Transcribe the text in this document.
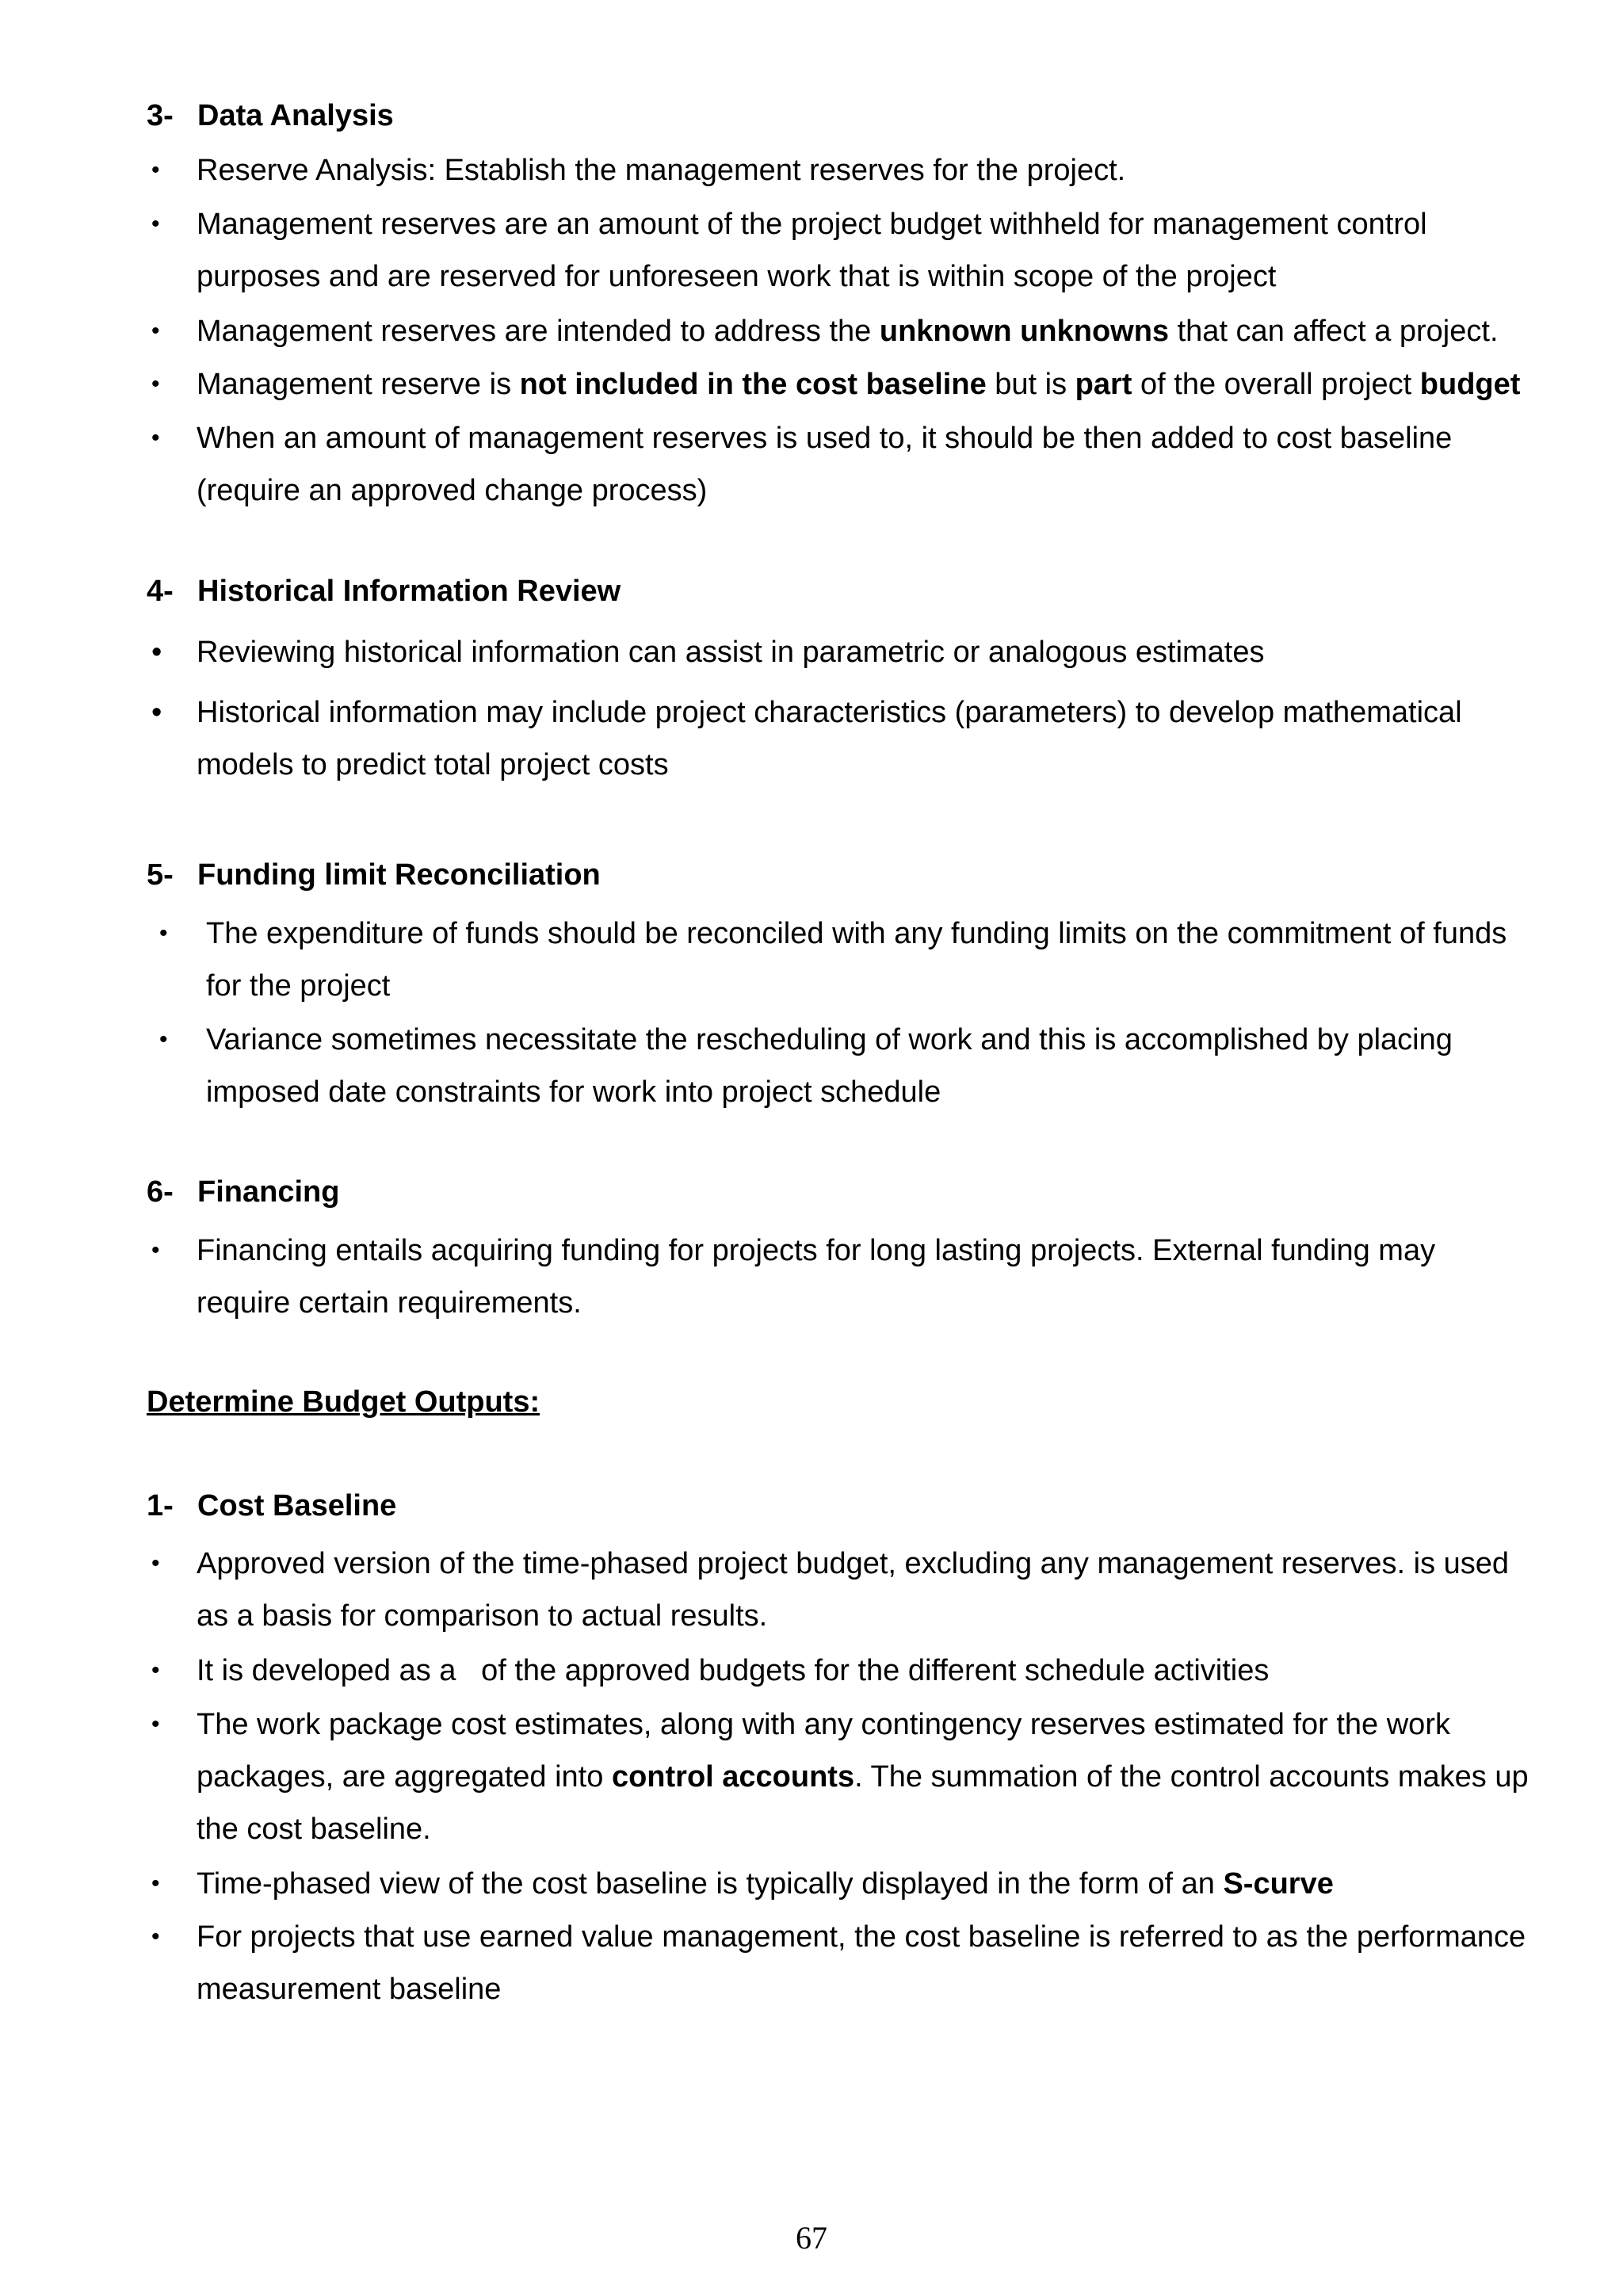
3- Data Analysis
• Reserve Analysis: Establish the management reserves for the project.

• Management reserves are an amount of the project budget withheld for management control

purposes and are reserved for unforeseen work that is within scope of the project

• Management reserves are intended to address the unknown unknowns that can affect a project.

• Management reserve is not included in the cost baseline but is part of the overall project budget

• When an amount of management reserves is used to, it should be then added to cost baseline

(require an approved change process)

4- Historical Information Review
• Reviewing historical information can assist in parametric or analogous estimates

• Historical information may include project characteristics (parameters) to develop mathematical

models to predict total project costs

5- Funding limit Reconciliation
• The expenditure of funds should be reconciled with any funding limits on the commitment of funds

for the project

• Variance sometimes necessitate the rescheduling of work and this is accomplished by placing

imposed date constraints for work into project schedule

6- Financing
• Financing entails acquiring funding for projects for long lasting projects. External funding may

require certain requirements.

Determine Budget Outputs:
1- Cost Baseline
• Approved version of the time-phased project budget, excluding any management reserves. is used

as a basis for comparison to actual results.

• It is developed as a   of the approved budgets for the different schedule activities

• The work package cost estimates, along with any contingency reserves estimated for the work

packages, are aggregated into control accounts. The summation of the control accounts makes up

the cost baseline.

• Time-phased view of the cost baseline is typically displayed in the form of an S-curve

• For projects that use earned value management, the cost baseline is referred to as the performance

measurement baseline

67
